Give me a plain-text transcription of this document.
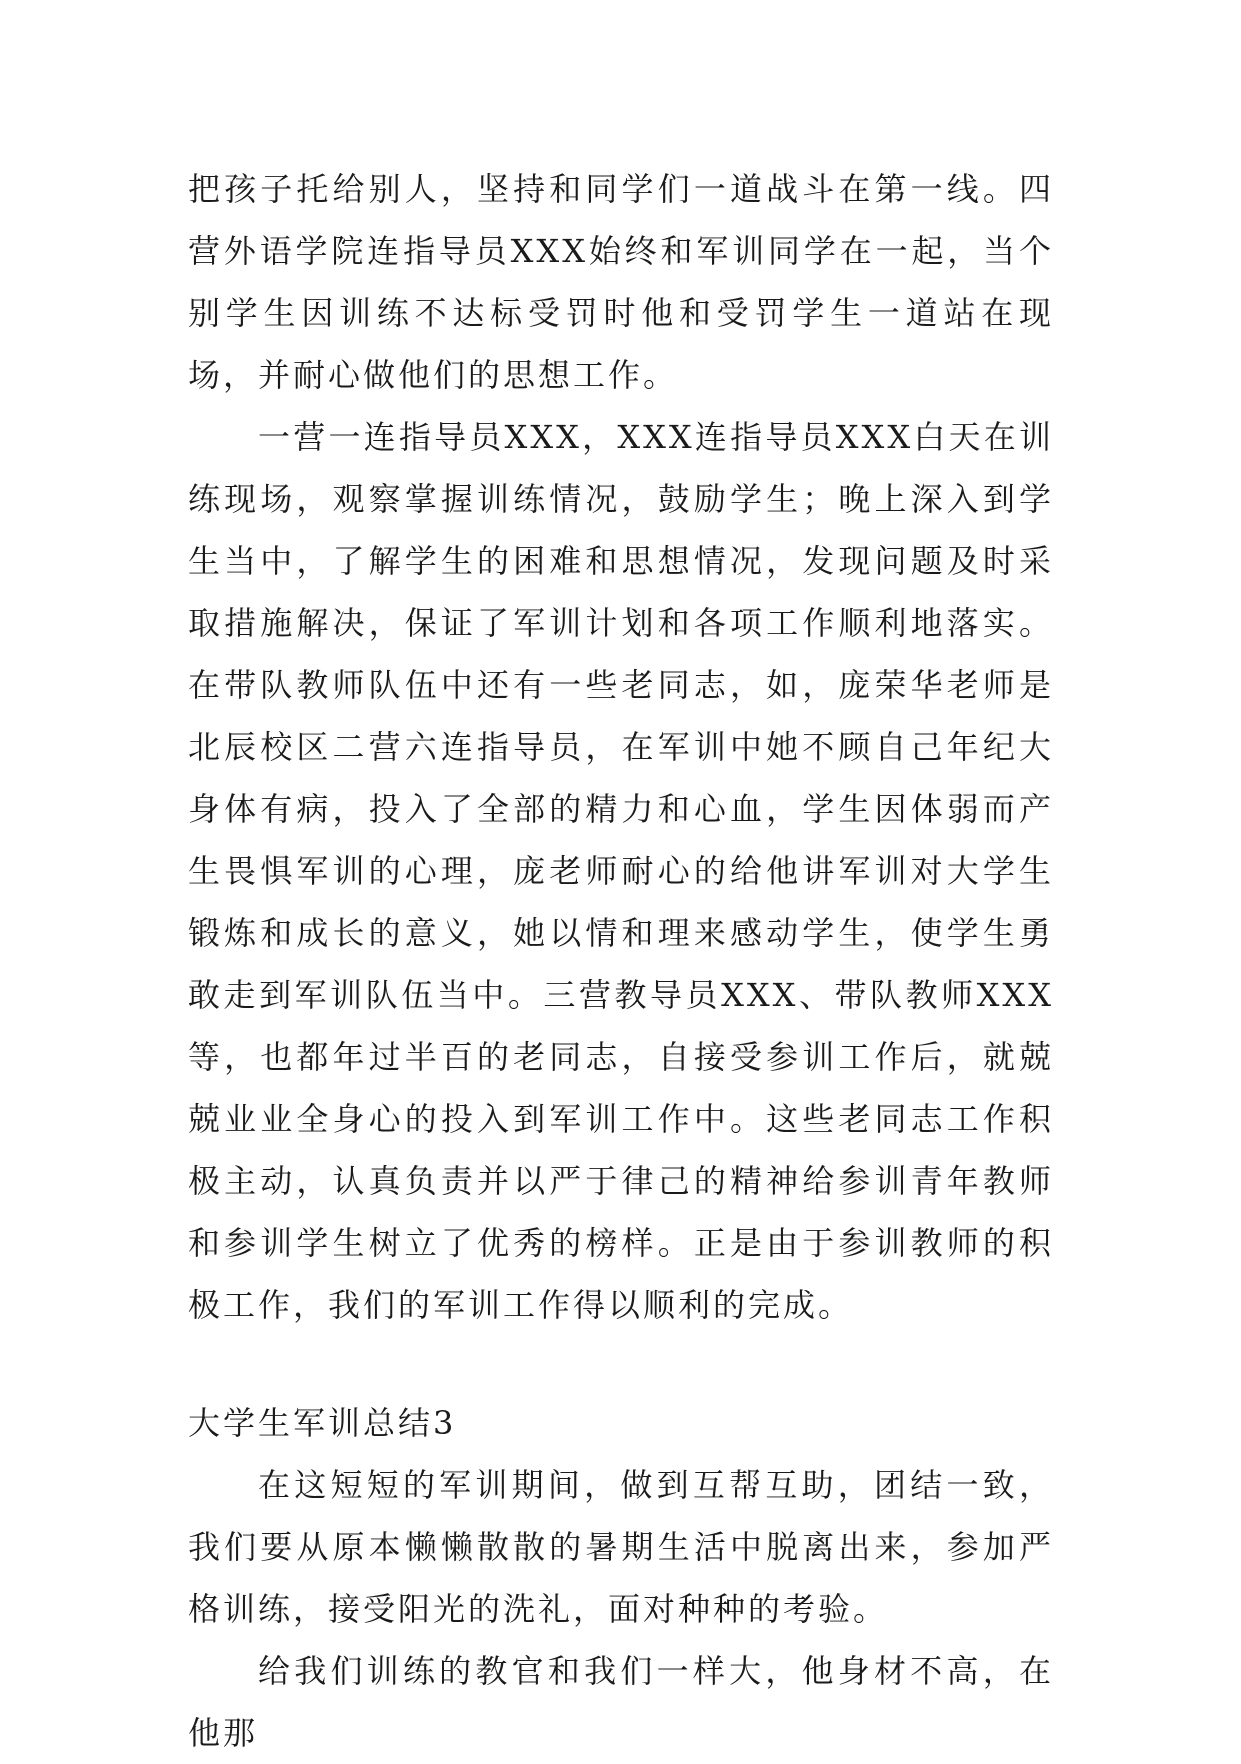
把孩子托给别人，坚持和同学们一道战斗在第一线。四营外语学院连指导员XXX始终和军训同学在一起，当个别学生因训练不达标受罚时他和受罚学生一道站在现场，并耐心做他们的思想工作。

一营一连指导员XXX，XXX连指导员XXX白天在训练现场，观察掌握训练情况，鼓励学生；晚上深入到学生当中，了解学生的困难和思想情况，发现问题及时采取措施解决，保证了军训计划和各项工作顺利地落实。在带队教师队伍中还有一些老同志，如，庞荣华老师是北辰校区二营六连指导员，在军训中她不顾自己年纪大身体有病，投入了全部的精力和心血，学生因体弱而产生畏惧军训的心理，庞老师耐心的给他讲军训对大学生锻炼和成长的意义，她以情和理来感动学生，使学生勇敢走到军训队伍当中。三营教导员XXX、带队教师XXX等，也都年过半百的老同志，自接受参训工作后，就兢兢业业全身心的投入到军训工作中。这些老同志工作积极主动，认真负责并以严于律己的精神给参训青年教师和参训学生树立了优秀的榜样。正是由于参训教师的积极工作，我们的军训工作得以顺利的完成。

大学生军训总结3

在这短短的军训期间，做到互帮互助，团结一致，我们要从原本懒懒散散的暑期生活中脱离出来，参加严格训练，接受阳光的洗礼，面对种种的考验。

给我们训练的教官和我们一样大，他身材不高，在他那
